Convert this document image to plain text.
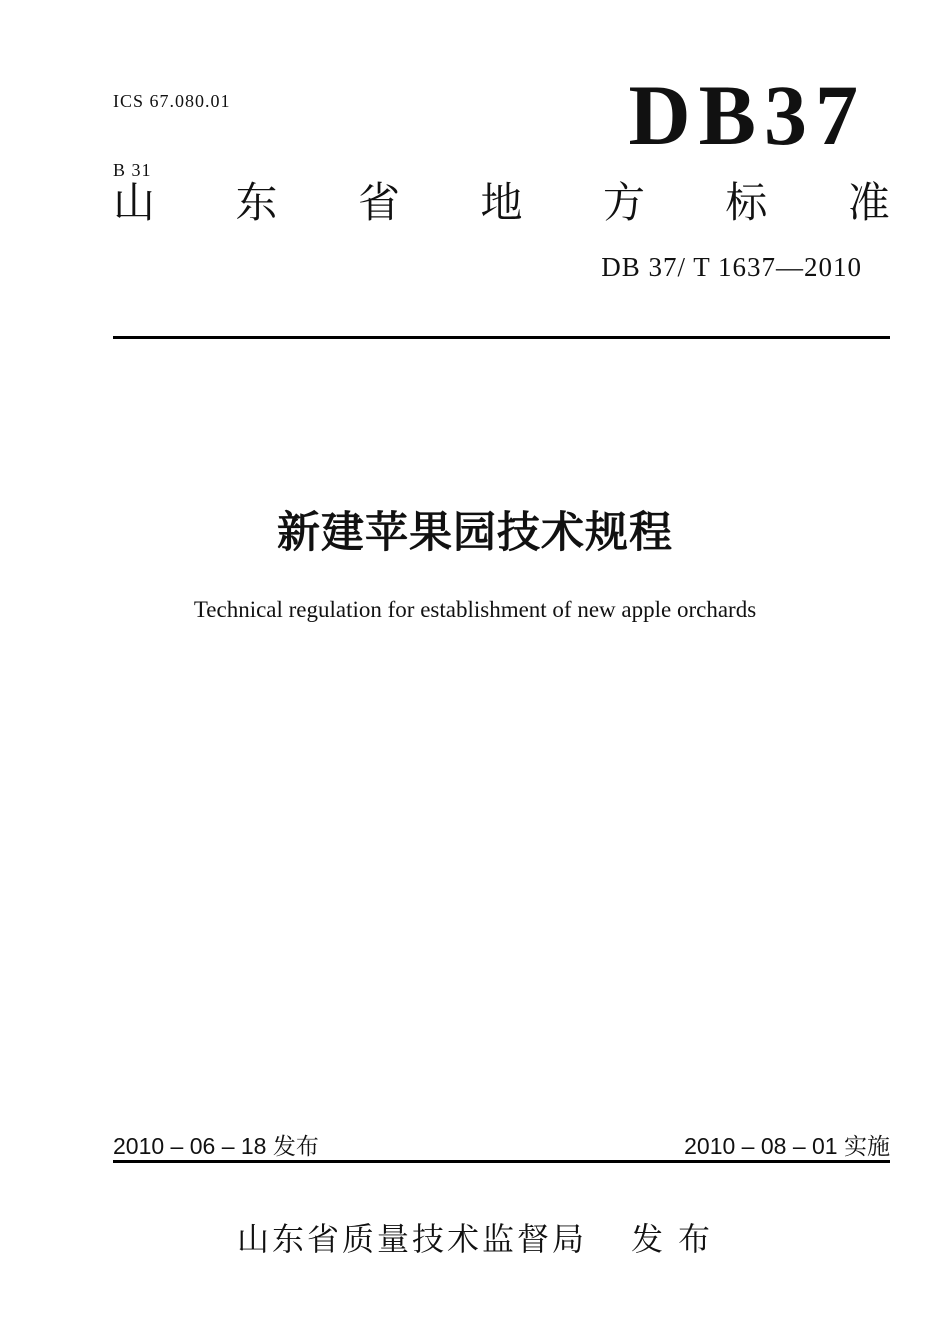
ICS 67.080.01

B 31

DB37
山 东 省 地 方 标 准
DB 37/ T 1637—2010
新建苹果园技术规程
Technical regulation for establishment of new apple orchards
2010 – 06 – 18 发布	2010 – 08 – 01 实施
山东省质量技术监督局 发 布
